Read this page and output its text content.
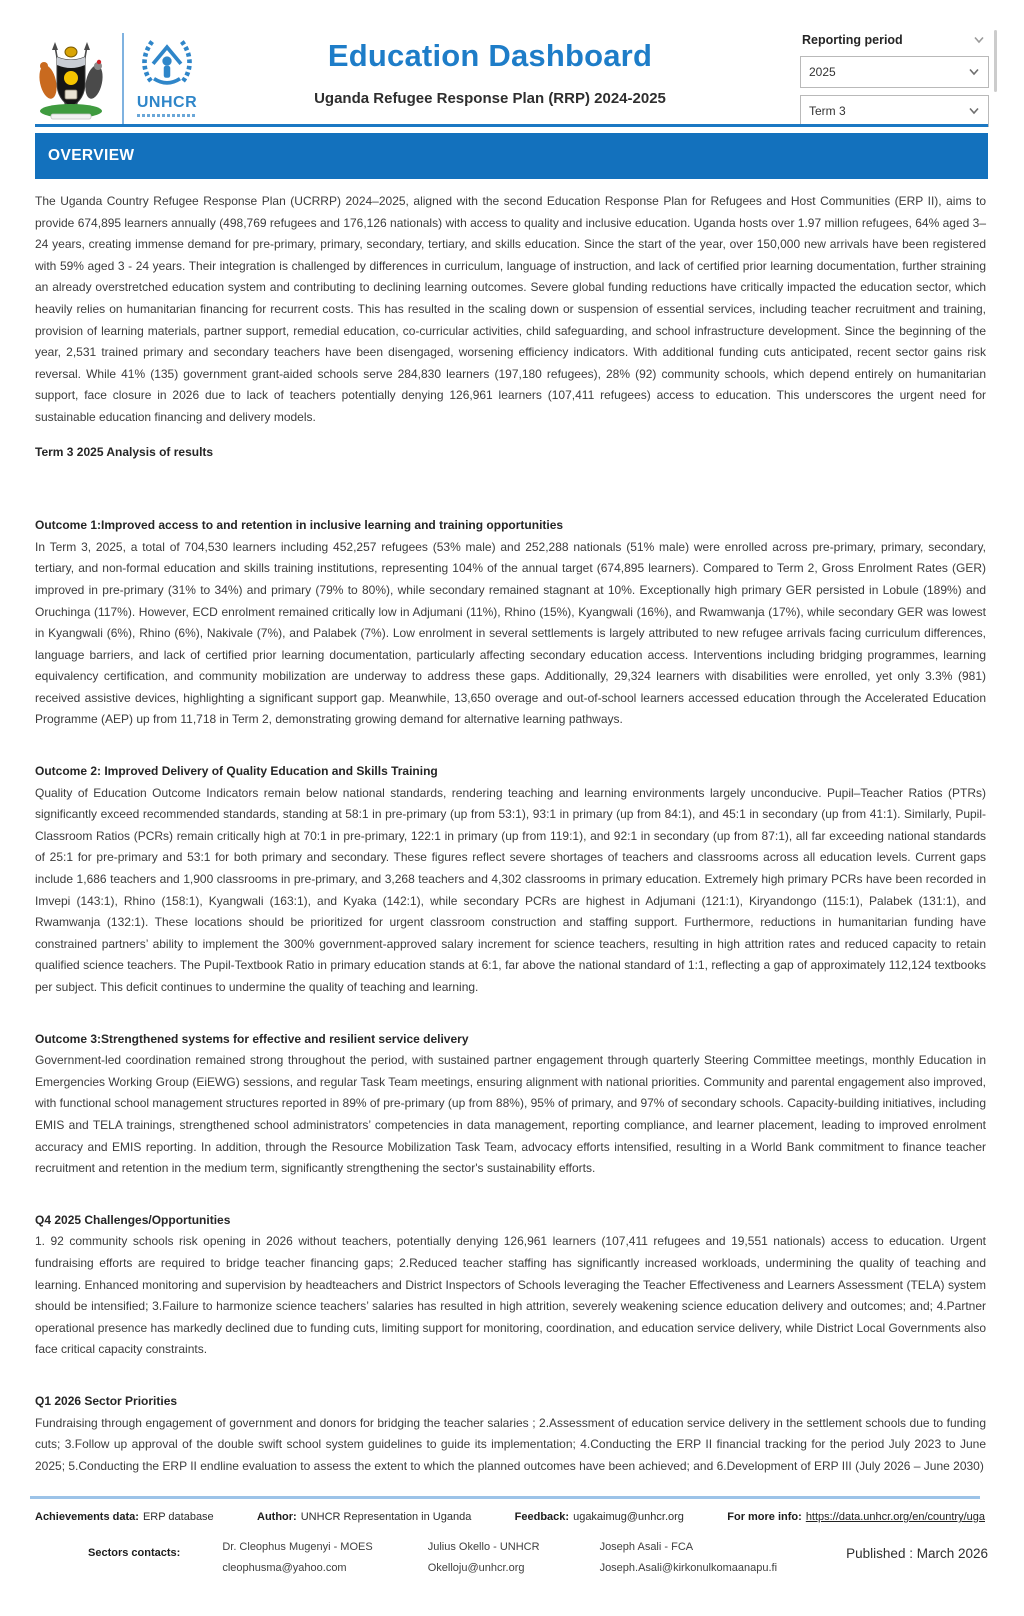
UNHCR
Education Dashboard
Uganda Refugee Response Plan (RRP) 2024-2025
Reporting period
2025
Term 3
OVERVIEW

The Uganda Country Refugee Response Plan (UCRRP) 2024–2025, aligned with the second Education Response Plan for Refugees and Host Communities (ERP II), aims to provide 674,895 learners annually (498,769 refugees and 176,126 nationals) with access to quality and inclusive education. Uganda hosts over 1.97 million refugees, 64% aged 3–24 years, creating immense demand for pre-primary, primary, secondary, tertiary, and skills education. Since the start of the year, over 150,000 new arrivals have been registered with 59% aged 3 - 24 years. Their integration is challenged by differences in curriculum, language of instruction, and lack of certified prior learning documentation, further straining an already overstretched education system and contributing to declining learning outcomes. Severe global funding reductions have critically impacted the education sector, which heavily relies on humanitarian financing for recurrent costs. This has resulted in the scaling down or suspension of essential services, including teacher recruitment and training, provision of learning materials, partner support, remedial education, co-curricular activities, child safeguarding, and school infrastructure development. Since the beginning of the year, 2,531 trained primary and secondary teachers have been disengaged, worsening efficiency indicators. With additional funding cuts anticipated, recent sector gains risk reversal. While 41% (135) government grant-aided schools serve 284,830 learners (197,180 refugees), 28% (92) community schools, which depend entirely on humanitarian support, face closure in 2026 due to lack of teachers potentially denying 126,961 learners (107,411 refugees) access to education. This underscores the urgent need for sustainable education financing and delivery models.

Term 3 2025 Analysis of results
Outcome 1:Improved access to and retention in inclusive learning and training opportunities

In Term 3, 2025, a total of 704,530 learners including 452,257 refugees (53% male) and 252,288 nationals (51% male) were enrolled across pre-primary, primary, secondary, tertiary, and non-formal education and skills training institutions, representing 104% of the annual target (674,895 learners). Compared to Term 2, Gross Enrolment Rates (GER) improved in pre-primary (31% to 34%) and primary (79% to 80%), while secondary remained stagnant at 10%. Exceptionally high primary GER persisted in Lobule (189%) and Oruchinga (117%). However, ECD enrolment remained critically low in Adjumani (11%), Rhino (15%), Kyangwali (16%), and Rwamwanja (17%), while secondary GER was lowest in Kyangwali (6%), Rhino (6%), Nakivale (7%), and Palabek (7%). Low enrolment in several settlements is largely attributed to new refugee arrivals facing curriculum differences, language barriers, and lack of certified prior learning documentation, particularly affecting secondary education access. Interventions including bridging programmes, learning equivalency certification, and community mobilization are underway to address these gaps. Additionally, 29,324 learners with disabilities were enrolled, yet only 3.3% (981) received assistive devices, highlighting a significant support gap. Meanwhile, 13,650 overage and out-of-school learners accessed education through the Accelerated Education Programme (AEP) up from 11,718 in Term 2, demonstrating growing demand for alternative learning pathways.

Outcome 2: Improved Delivery of Quality Education and Skills Training

Quality of Education Outcome Indicators remain below national standards, rendering teaching and learning environments largely unconducive. Pupil–Teacher Ratios (PTRs) significantly exceed recommended standards, standing at 58:1 in pre-primary (up from 53:1), 93:1 in primary (up from 84:1), and 45:1 in secondary (up from 41:1). Similarly, Pupil-Classroom Ratios (PCRs) remain critically high at 70:1 in pre-primary, 122:1 in primary (up from 119:1), and 92:1 in secondary (up from 87:1), all far exceeding national standards of 25:1 for pre-primary and 53:1 for both primary and secondary. These figures reflect severe shortages of teachers and classrooms across all education levels. Current gaps include 1,686 teachers and 1,900 classrooms in pre-primary, and 3,268 teachers and 4,302 classrooms in primary education. Extremely high primary PCRs have been recorded in Imvepi (143:1), Rhino (158:1), Kyangwali (163:1), and Kyaka (142:1), while secondary PCRs are highest in Adjumani (121:1), Kiryandongo (115:1), Palabek (131:1), and Rwamwanja (132:1). These locations should be prioritized for urgent classroom construction and staffing support. Furthermore, reductions in humanitarian funding have constrained partners’ ability to implement the 300% government-approved salary increment for science teachers, resulting in high attrition rates and reduced capacity to retain qualified science teachers. The Pupil-Textbook Ratio in primary education stands at 6:1, far above the national standard of 1:1, reflecting a gap of approximately 112,124 textbooks per subject. This deficit continues to undermine the quality of teaching and learning.

Outcome 3:Strengthened systems for effective and resilient service delivery

Government-led coordination remained strong throughout the period, with sustained partner engagement through quarterly Steering Committee meetings, monthly Education in Emergencies Working Group (EiEWG) sessions, and regular Task Team meetings, ensuring alignment with national priorities. Community and parental engagement also improved, with functional school management structures reported in 89% of pre-primary (up from 88%), 95% of primary, and 97% of secondary schools. Capacity-building initiatives, including EMIS and TELA trainings, strengthened school administrators’ competencies in data management, reporting compliance, and learner placement, leading to improved enrolment accuracy and EMIS reporting. In addition, through the Resource Mobilization Task Team, advocacy efforts intensified, resulting in a World Bank commitment to finance teacher recruitment and retention in the medium term, significantly strengthening the sector's sustainability efforts.

Q4 2025 Challenges/Opportunities

1. 92 community schools risk opening in 2026 without teachers, potentially denying 126,961 learners (107,411 refugees and 19,551 nationals) access to education. Urgent fundraising efforts are required to bridge teacher financing gaps; 2.Reduced teacher staffing has significantly increased workloads, undermining the quality of teaching and learning. Enhanced monitoring and supervision by headteachers and District Inspectors of Schools leveraging the Teacher Effectiveness and Learners Assessment (TELA) system should be intensified; 3.Failure to harmonize science teachers’ salaries has resulted in high attrition, severely weakening science education delivery and outcomes; and; 4.Partner operational presence has markedly declined due to funding cuts, limiting support for monitoring, coordination, and education service delivery, while District Local Governments also face critical capacity constraints.

Q1 2026 Sector Priorities

Fundraising through engagement of government and donors for bridging the teacher salaries ; 2.Assessment of education service delivery in the settlement schools due to funding cuts; 3.Follow up approval of the double swift school system guidelines to guide its implementation; 4.Conducting the ERP II financial tracking for the period July 2023 to June 2025; 5.Conducting the ERP II endline evaluation to assess the extent to which the planned outcomes have been achieved; and 6.Development of ERP III (July 2026 – June 2030)

Achievements data: ERP database	Author: UNHCR Representation in Uganda	Feedback: ugakaimug@unhcr.org	For more info: https://data.unhcr.org/en/country/uga
Sectors contacts:	Dr. Cleophus Mugenyi - MOES
cleophusma@yahoo.com
Julius Okello - UNHCR
Okelloju@unhcr.org
Joseph Asali - FCA
Joseph.Asali@kirkonulkomaanapu.fi
Published : March 2026
